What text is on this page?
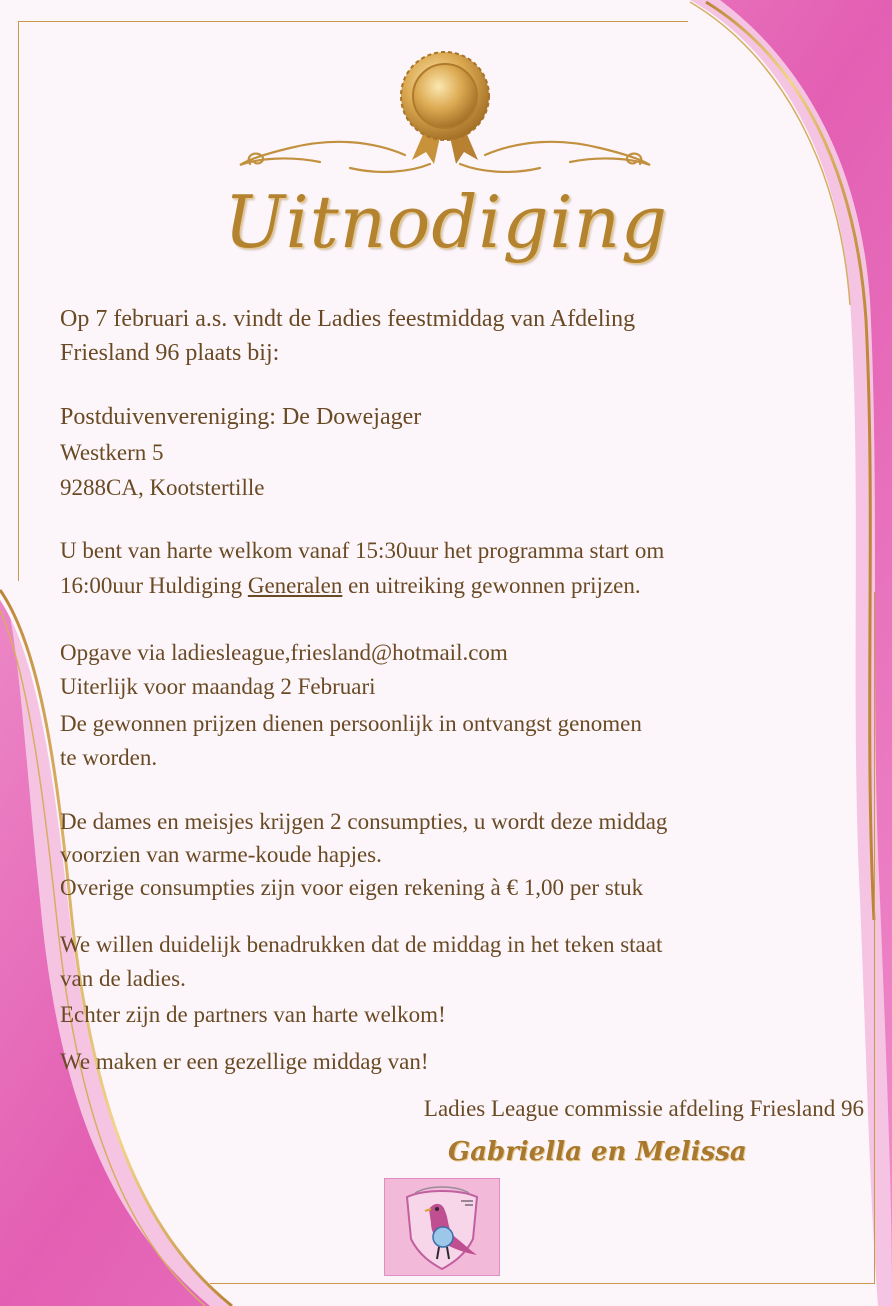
Uitnodiging
Op 7 februari a.s. vindt de Ladies feestmiddag van Afdeling
Friesland 96 plaats bij:
Postduivenvereniging: De Dowejager
Westkern 5
9288CA, Kootstertille
U bent van harte welkom vanaf 15:30uur het programma start om
16:00uur Huldiging Generalen en uitreiking gewonnen prijzen.
Opgave via ladiesleague,friesland@hotmail.com
Uiterlijk voor maandag 2 Februari
De gewonnen prijzen dienen persoonlijk in ontvangst genomen
te worden.
De dames en meisjes krijgen 2 consumpties, u wordt deze middag
voorzien van warme-koude hapjes.
Overige consumpties zijn voor eigen rekening à € 1,00 per stuk
We willen duidelijk benadrukken dat de middag in het teken staat
van de ladies.
Echter zijn de partners van harte welkom!
We maken er een gezellige middag van!
Ladies League commissie afdeling Friesland 96
Gabriella en Melissa
